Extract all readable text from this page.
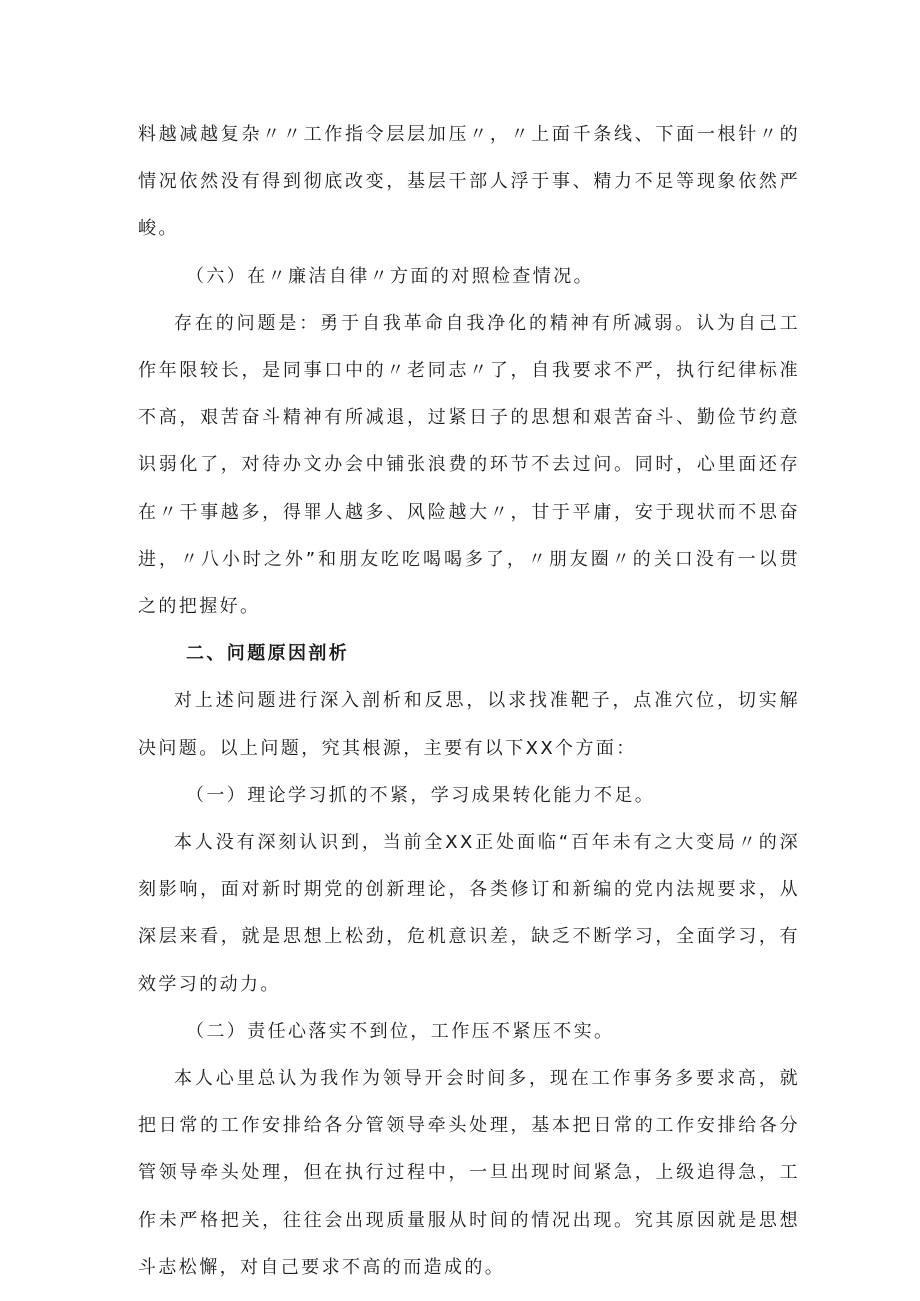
料越减越复杂〃〃工作指令层层加压〃，〃上面千条线、下面一根针〃的情况依然没有得到彻底改变，基层干部人浮于事、精力不足等现象依然严峻。

（六）在〃廉洁自律〃方面的对照检查情况。

存在的问题是：勇于自我革命自我净化的精神有所减弱。认为自己工作年限较长，是同事口中的〃老同志〃了，自我要求不严，执行纪律标准不高，艰苦奋斗精神有所减退，过紧日子的思想和艰苦奋斗、勤俭节约意识弱化了，对待办文办会中铺张浪费的环节不去过问。同时，心里面还存在〃干事越多，得罪人越多、风险越大〃，甘于平庸，安于现状而不思奋进，〃八小时之外”和朋友吃吃喝喝多了，〃朋友圈〃的关口没有一以贯之的把握好。

二、问题原因剖析

对上述问题进行深入剖析和反思，以求找准靶子，点准穴位，切实解决问题。以上问题，究其根源，主要有以下XX个方面：

（一）理论学习抓的不紧，学习成果转化能力不足。

本人没有深刻认识到，当前全XX正处面临“百年未有之大变局〃的深刻影响，面对新时期党的创新理论，各类修订和新编的党内法规要求，从深层来看，就是思想上松劲，危机意识差，缺乏不断学习，全面学习，有效学习的动力。

（二）责任心落实不到位，工作压不紧压不实。

本人心里总认为我作为领导开会时间多，现在工作事务多要求高，就把日常的工作安排给各分管领导牵头处理，基本把日常的工作安排给各分管领导牵头处理，但在执行过程中，一旦出现时间紧急，上级追得急，工作未严格把关，往往会出现质量服从时间的情况出现。究其原因就是思想斗志松懈，对自己要求不高的而造成的。
